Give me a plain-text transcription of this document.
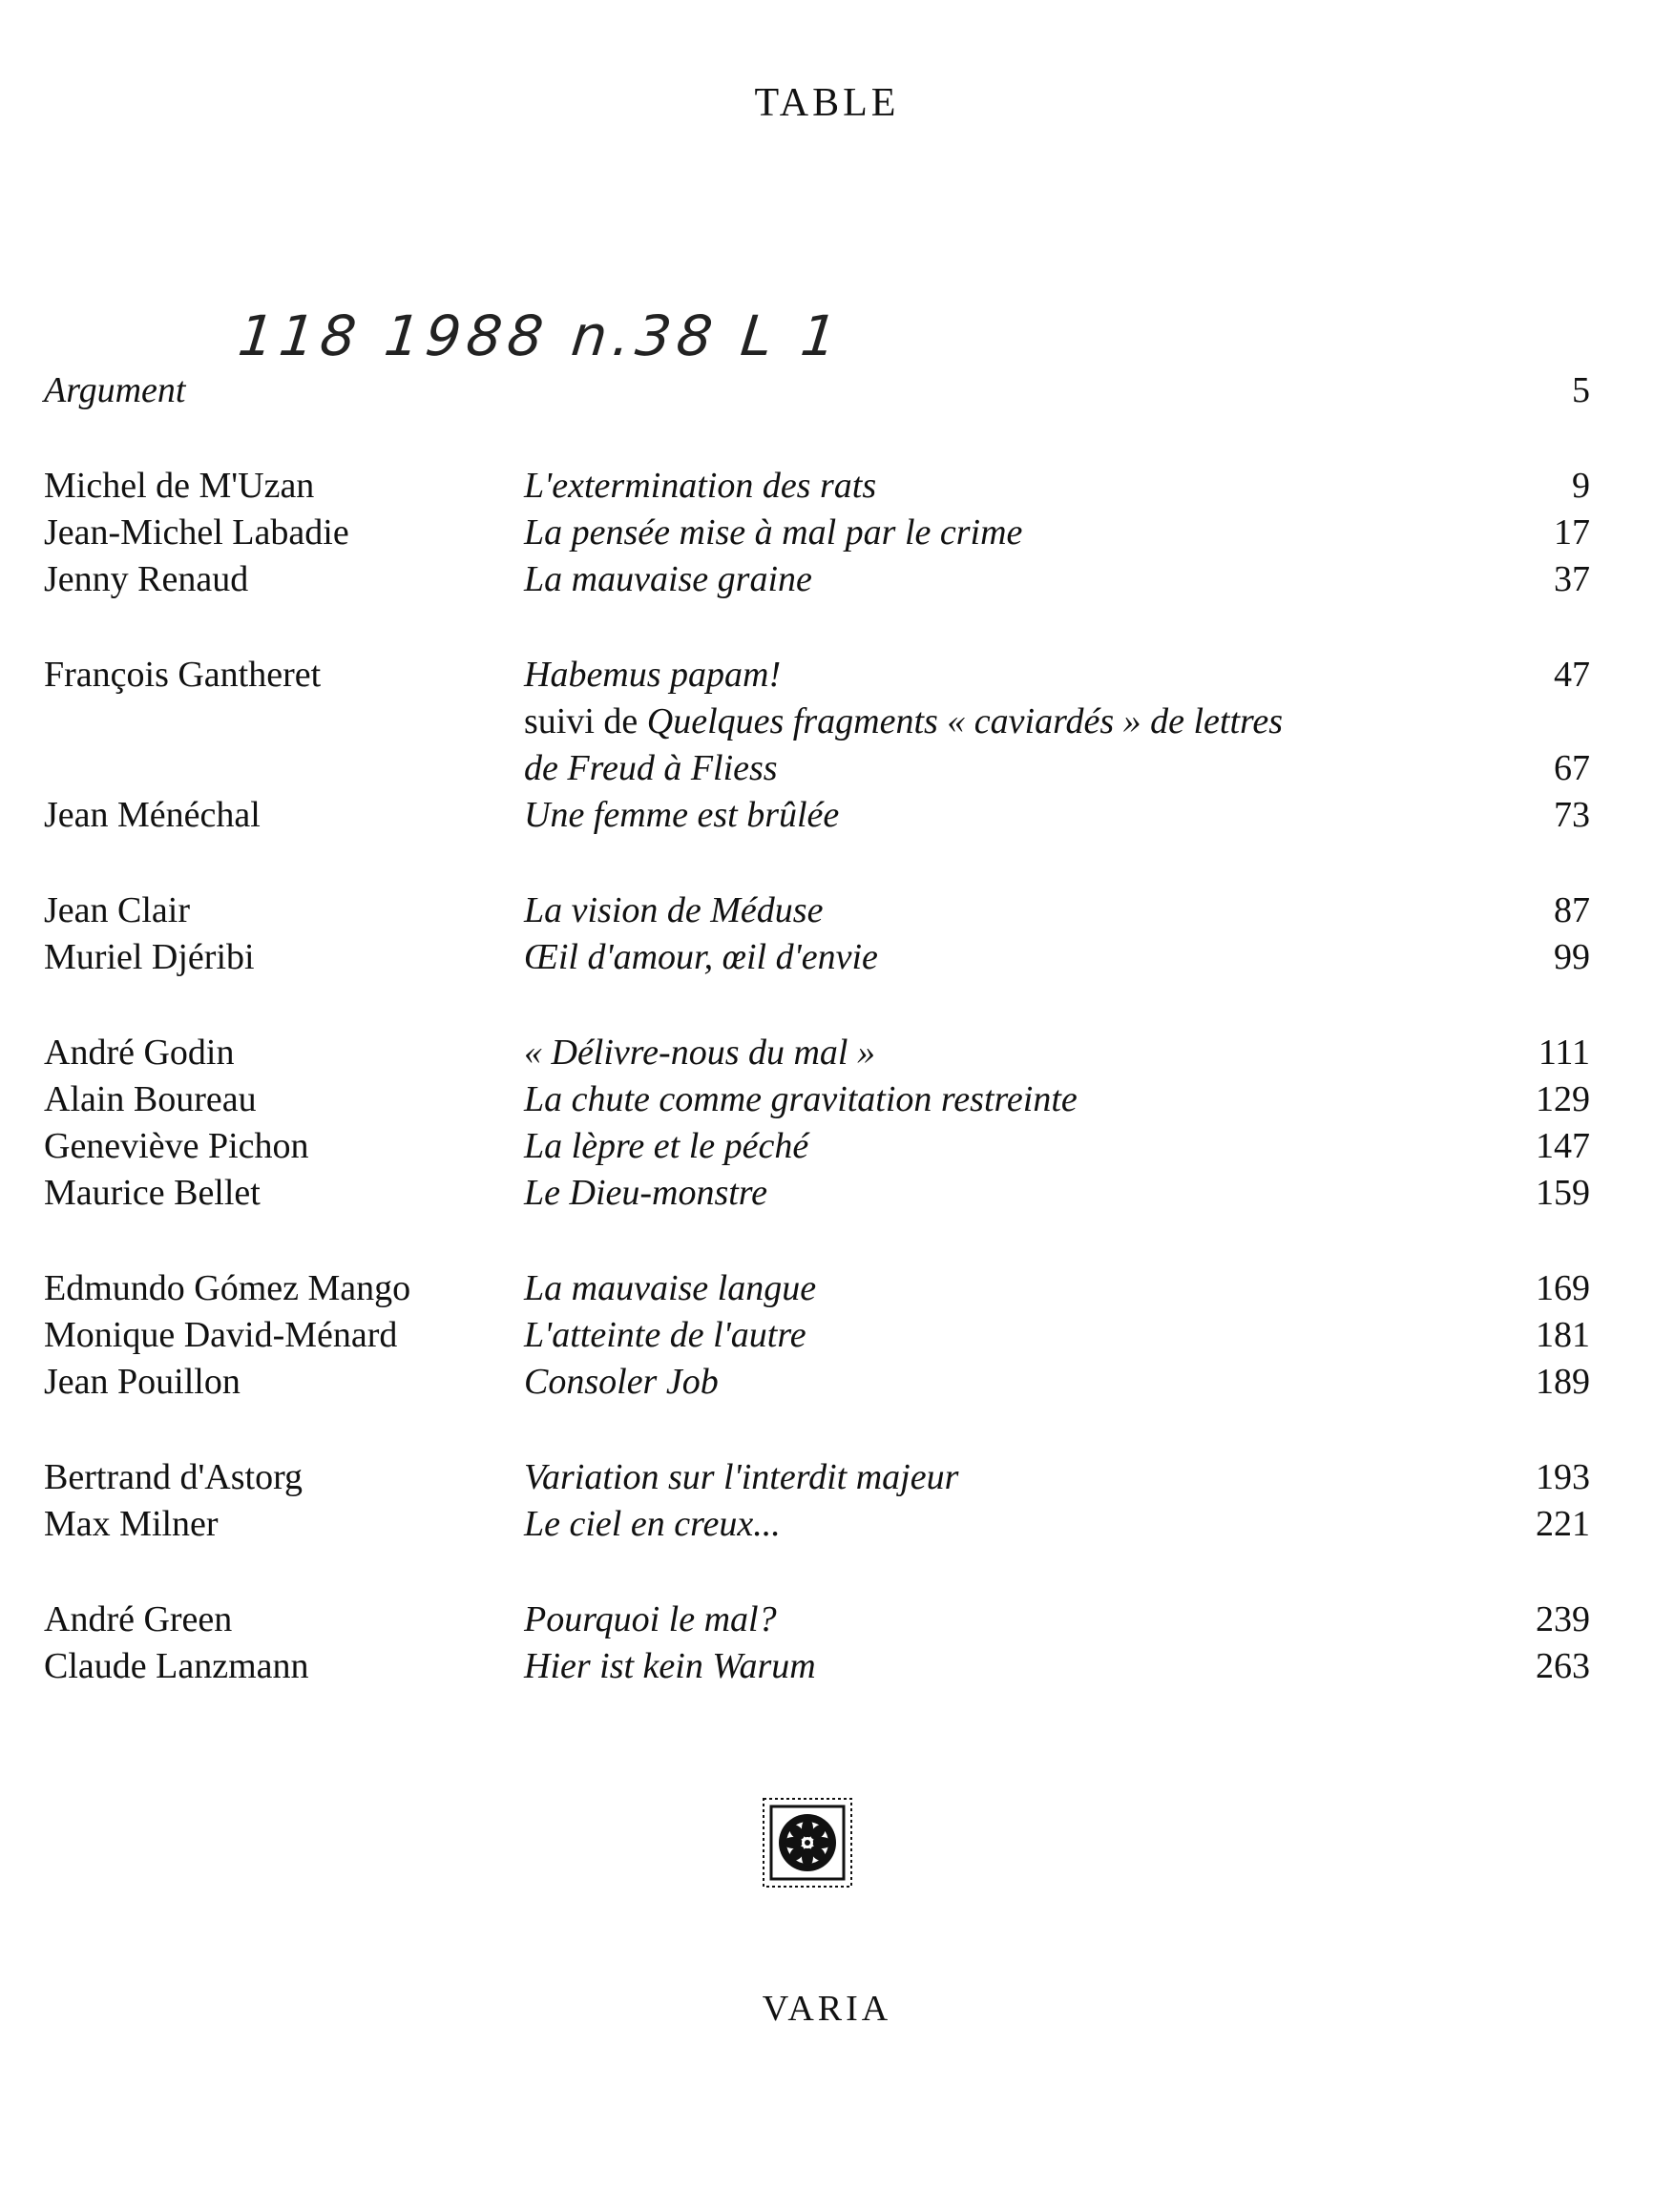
TABLE
118 1988 n.38 L 1
Argument	5
Michel de M'Uzan	L'extermination des rats	9
Jean-Michel Labadie	La pensée mise à mal par le crime	17
Jenny Renaud	La mauvaise graine	37
François Gantheret	Habemus papam!	47
suivi de Quelques fragments « caviardés » de lettres
de Freud à Fliess	67
Jean Ménéchal	Une femme est brûlée	73
Jean Clair	La vision de Méduse	87
Muriel Djéribi	Œil d'amour, œil d'envie	99
André Godin	« Délivre-nous du mal »	111
Alain Boureau	La chute comme gravitation restreinte	129
Geneviève Pichon	La lèpre et le péché	147
Maurice Bellet	Le Dieu-monstre	159
Edmundo Gómez Mango	La mauvaise langue	169
Monique David-Ménard	L'atteinte de l'autre	181
Jean Pouillon	Consoler Job	189
Bertrand d'Astorg	Variation sur l'interdit majeur	193
Max Milner	Le ciel en creux...	221
André Green	Pourquoi le mal?	239
Claude Lanzmann	Hier ist kein Warum	263
VARIA
